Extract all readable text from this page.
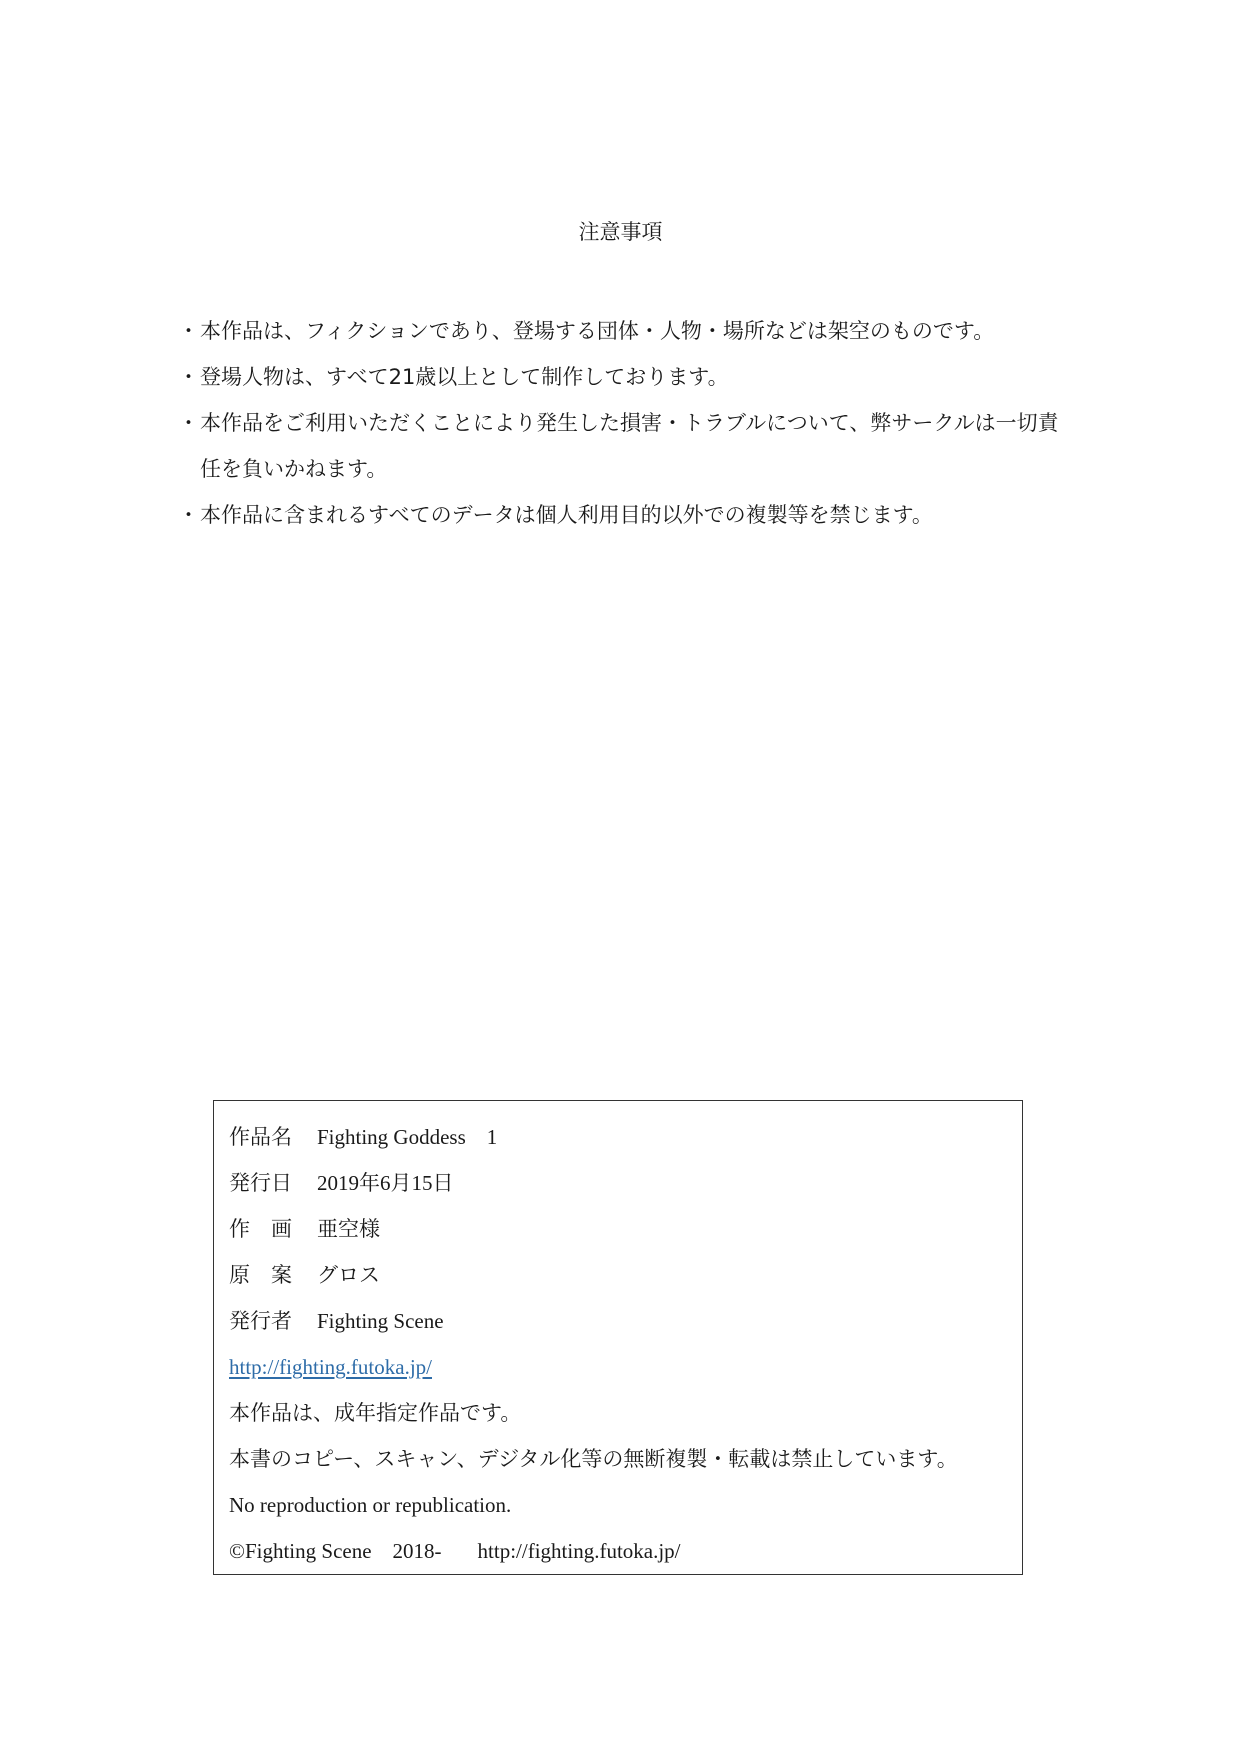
注意事項
・ 本作品は、フィクションであり、登場する団体・人物・場所などは架空のものです。
・ 登場人物は、すべて21歳以上として制作しております。
・ 本作品をご利用いただくことにより発生した損害・トラブルについて、弊サークルは一切責任を負いかねます。
・ 本作品に含まれるすべてのデータは個人利用目的以外での複製等を禁じます。
作品名 Fighting Goddess　1
発行日 2019年6月15日
作　画 亜空様
原　案 グロス
発行者 Fighting Scene
http://fighting.futoka.jp/
本作品は、成年指定作品です。
本書のコピー、スキャン、デジタル化等の無断複製・転載は禁止しています。
No reproduction or republication.
©Fighting Scene　2018- http://fighting.futoka.jp/
